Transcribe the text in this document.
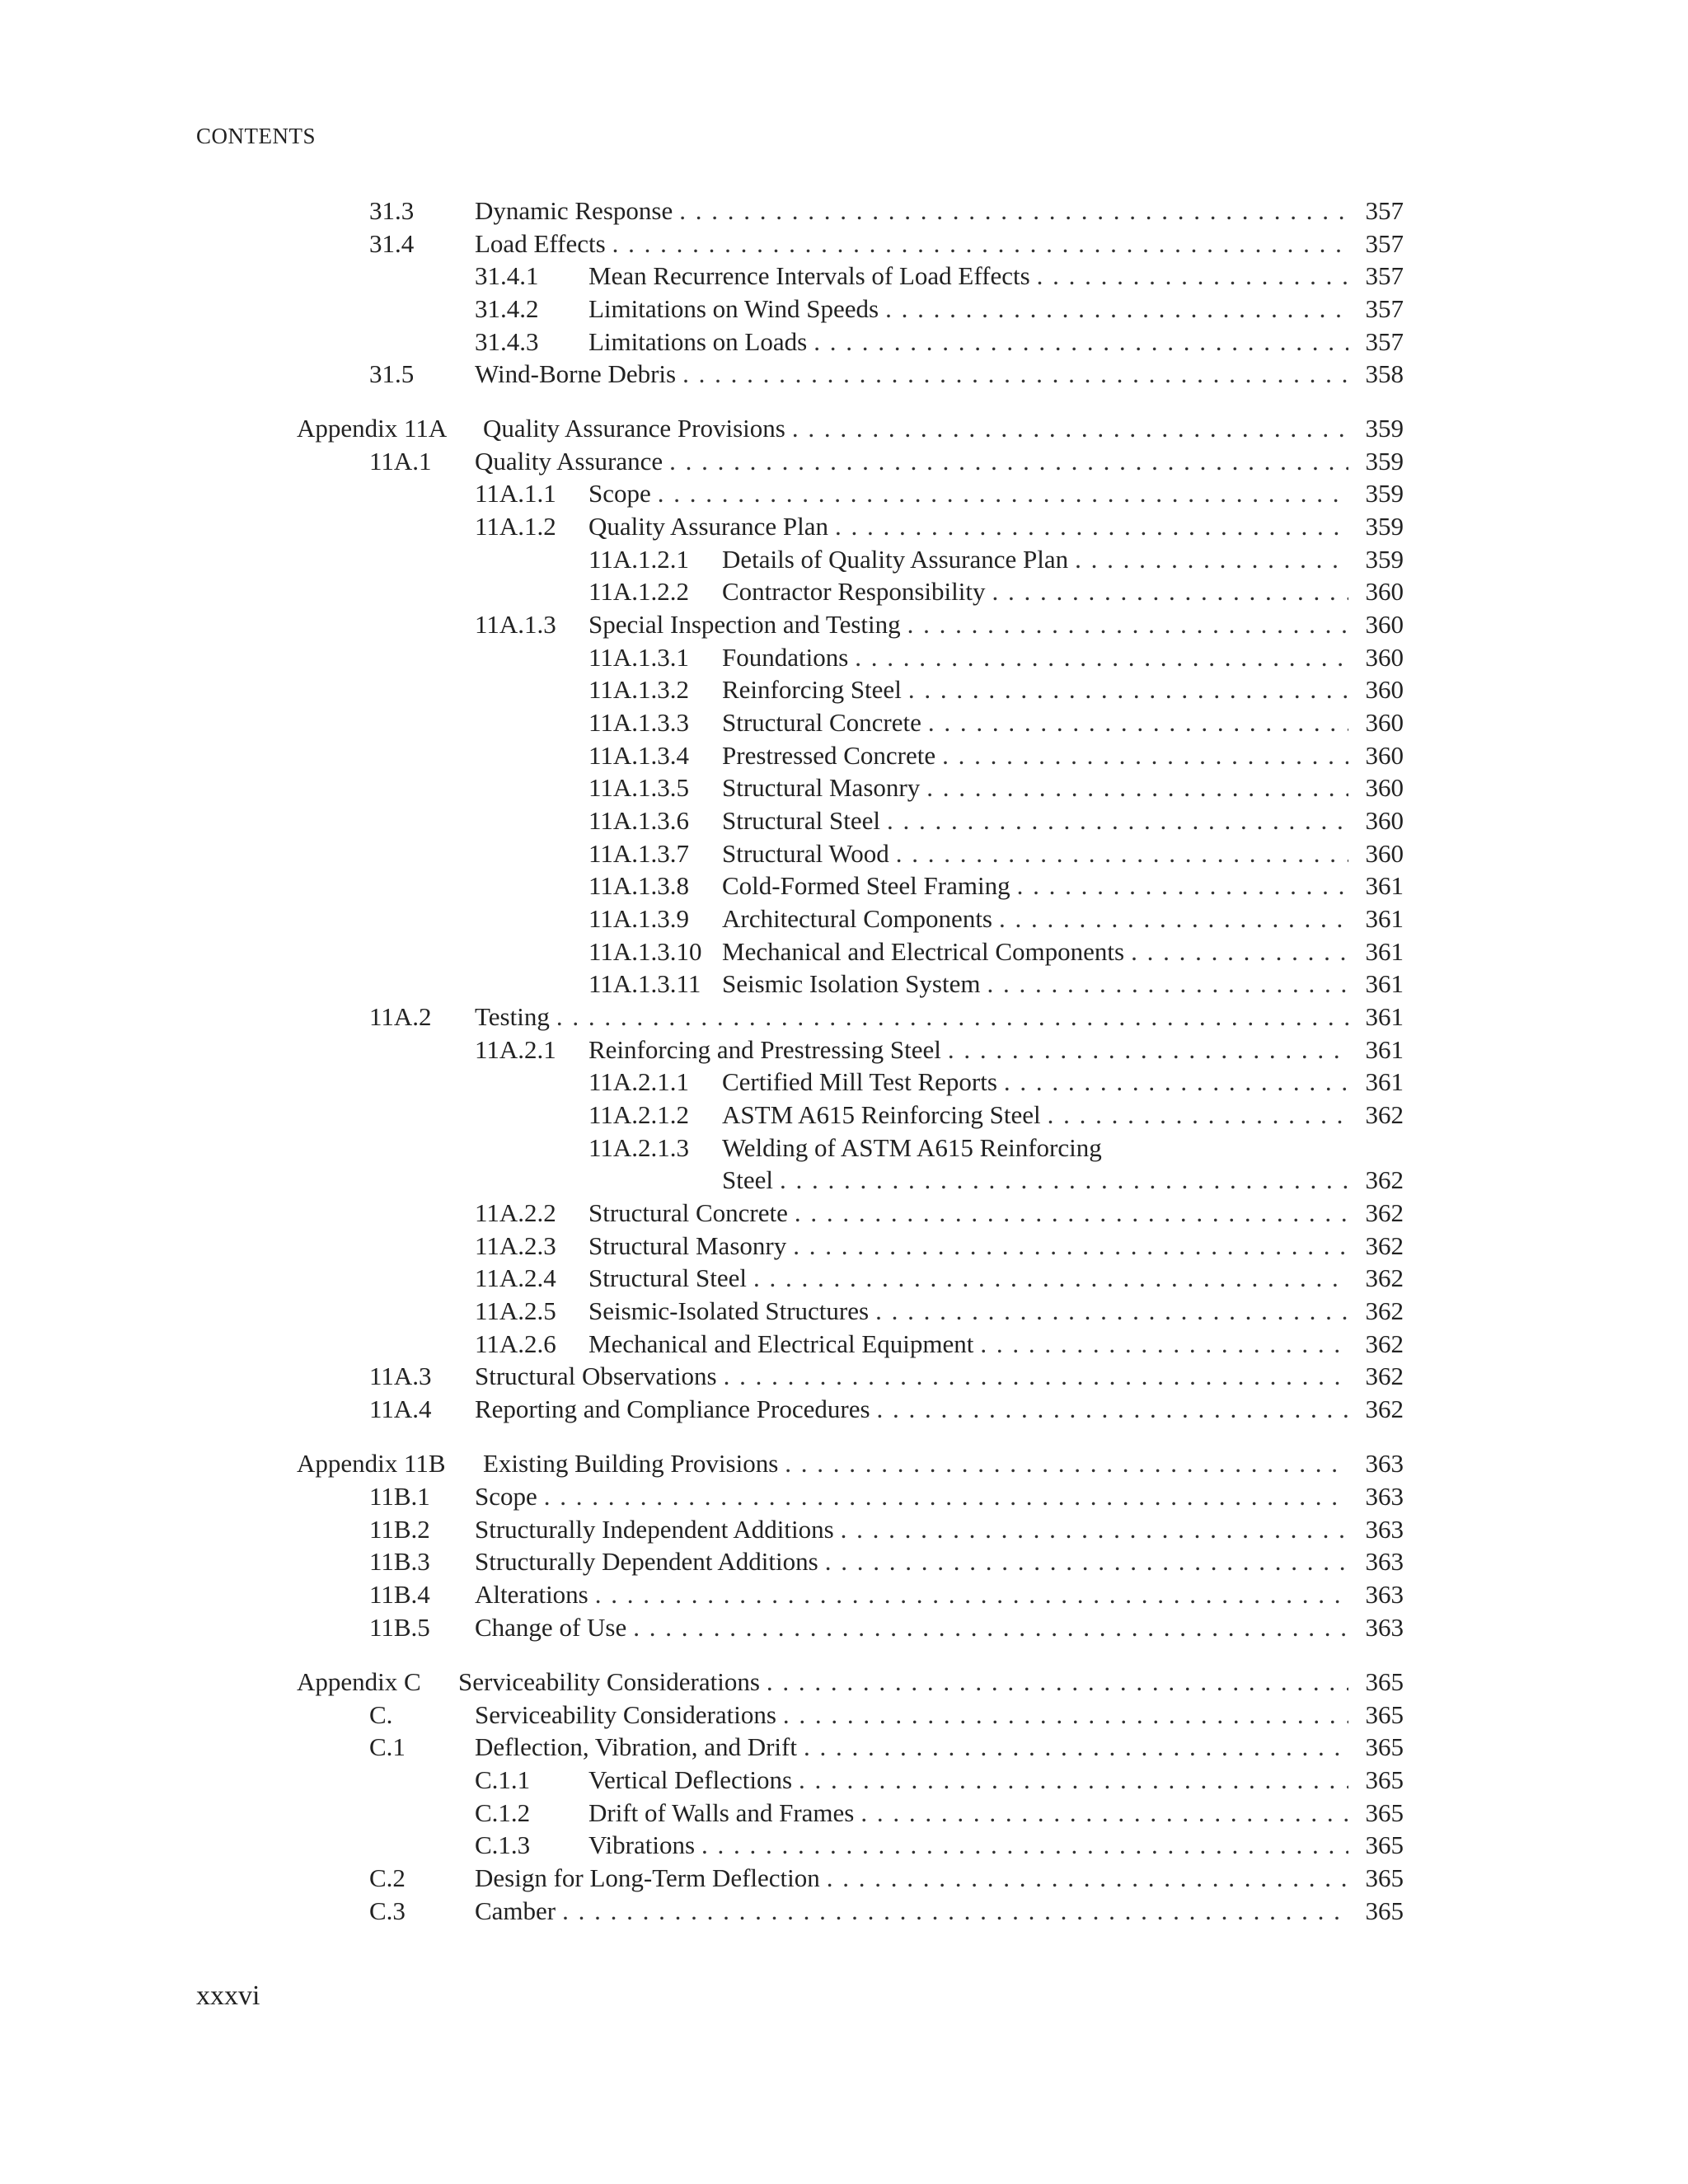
CONTENTS
31.3 Dynamic Response . . .	357
31.4 Load Effects . . .	357
31.4.1 Mean Recurrence Intervals of Load Effects . . .	357
31.4.2 Limitations on Wind Speeds . . .	357
31.4.3 Limitations on Loads . . .	357
31.5 Wind-Borne Debris . . .	358
Appendix 11A Quality Assurance Provisions . . .	359
11A.1 Quality Assurance . . .	359
11A.1.1 Scope . . .	359
11A.1.2 Quality Assurance Plan . . .	359
11A.1.2.1 Details of Quality Assurance Plan . . .	359
11A.1.2.2 Contractor Responsibility . . .	360
11A.1.3 Special Inspection and Testing . . .	360
11A.1.3.1 Foundations . . .	360
11A.1.3.2 Reinforcing Steel . . .	360
11A.1.3.3 Structural Concrete . . .	360
11A.1.3.4 Prestressed Concrete . . .	360
11A.1.3.5 Structural Masonry . . .	360
11A.1.3.6 Structural Steel . . .	360
11A.1.3.7 Structural Wood . . .	360
11A.1.3.8 Cold-Formed Steel Framing . . .	361
11A.1.3.9 Architectural Components . . .	361
11A.1.3.10 Mechanical and Electrical Components . . .	361
11A.1.3.11 Seismic Isolation System . . .	361
11A.2 Testing . . .	361
11A.2.1 Reinforcing and Prestressing Steel . . .	361
11A.2.1.1 Certified Mill Test Reports . . .	361
11A.2.1.2 ASTM A615 Reinforcing Steel . . .	362
11A.2.1.3 Welding of ASTM A615 Reinforcing
Steel . . .	362
11A.2.2 Structural Concrete . . .	362
11A.2.3 Structural Masonry . . .	362
11A.2.4 Structural Steel . . .	362
11A.2.5 Seismic-Isolated Structures . . .	362
11A.2.6 Mechanical and Electrical Equipment . . .	362
11A.3 Structural Observations . . .	362
11A.4 Reporting and Compliance Procedures . . .	362
Appendix 11B Existing Building Provisions . . .	363
11B.1 Scope . . .	363
11B.2 Structurally Independent Additions . . .	363
11B.3 Structurally Dependent Additions . . .	363
11B.4 Alterations . . .	363
11B.5 Change of Use . . .	363
Appendix C Serviceability Considerations . . .	365
C.	Serviceability Considerations . . .	365
C.1	Deflection, Vibration, and Drift . . .	365
C.1.1 Vertical Deflections . . .	365
C.1.2 Drift of Walls and Frames . . .	365
C.1.3 Vibrations . . .	365
C.2	Design for Long-Term Deflection . . .	365
C.3	Camber . . .	365
xxxvi
